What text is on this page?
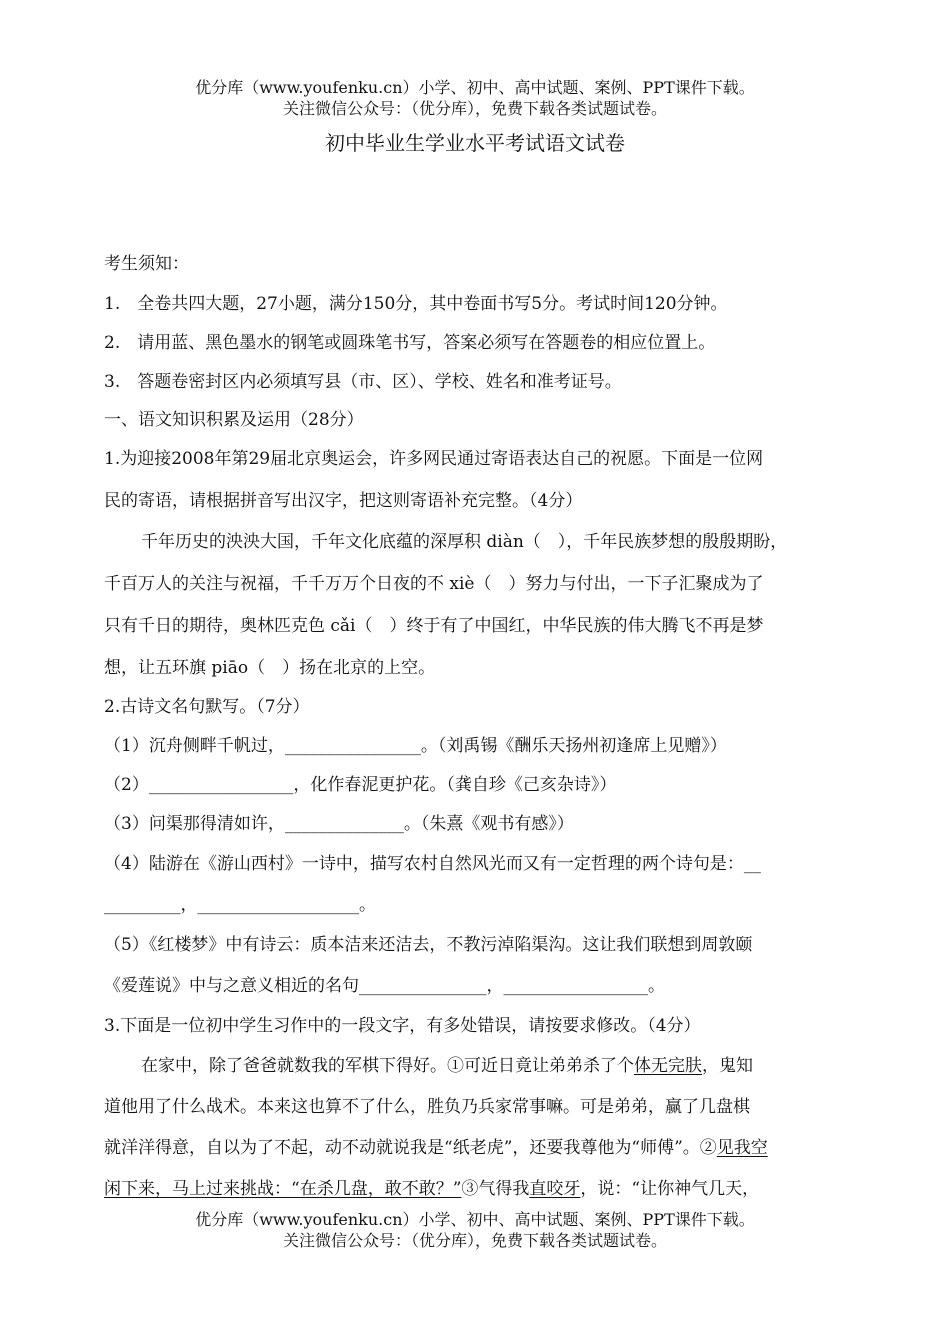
优分库（www.youfenku.cn）小学、初中、高中试题、案例、PPT课件下载。
关注微信公众号：（优分库），免费下载各类试题试卷。
初中毕业生学业水平考试语文试卷
考生须知：
1.　全卷共四大题，27小题，满分150分，其中卷面书写5分。考试时间120分钟。
2.　请用蓝、黑色墨水的钢笔或圆珠笔书写，答案必须写在答题卷的相应位置上。
3.　答题卷密封区内必须填写县（市、区）、学校、姓名和准考证号。
一、语文知识积累及运用（28分）
1.为迎接2008年第29届北京奥运会，许多网民通过寄语表达自己的祝愿。下面是一位网
民的寄语，请根据拼音写出汉字，把这则寄语补充完整。（4分）
千年历史的泱泱大国，千年文化底蕴的深厚积 diàn（　），千年民族梦想的殷殷期盼，
千百万人的关注与祝福，千千万万个日夜的不 xiè（　）努力与付出，一下子汇聚成为了
只有千日的期待，奥林匹克色 cǎi（　）终于有了中国红，中华民族的伟大腾飞不再是梦
想，让五环旗 piāo（　）扬在北京的上空。
2.古诗文名句默写。（7分）
（1）沉舟侧畔千帆过，________________。（刘禹锡《酬乐天扬州初逢席上见赠》）
（2）_________________，化作春泥更护花。（龚自珍《己亥杂诗》）
（3）问渠那得清如许，______________。（朱熹《观书有感》）
（4）陆游在《游山西村》一诗中，描写农村自然风光而又有一定哲理的两个诗句是：__
_________，___________________。
（5）《红楼梦》中有诗云：质本洁来还洁去，不教污淖陷渠沟。这让我们联想到周敦颐
《爱莲说》中与之意义相近的名句_______________，_________________。
3.下面是一位初中学生习作中的一段文字，有多处错误，请按要求修改。（4分）
在家中，除了爸爸就数我的军棋下得好。①可近日竟让弟弟杀了个体无完肤，鬼知
道他用了什么战术。本来这也算不了什么，胜负乃兵家常事嘛。可是弟弟，赢了几盘棋
就洋洋得意，自以为了不起，动不动就说我是“纸老虎”，还要我尊他为“师傅”。②见我空
闲下来，马上过来挑战：“在杀几盘，敢不敢？”③气得我直咬牙，说：“让你神气几天，
优分库（www.youfenku.cn）小学、初中、高中试题、案例、PPT课件下载。
关注微信公众号：（优分库），免费下载各类试题试卷。
